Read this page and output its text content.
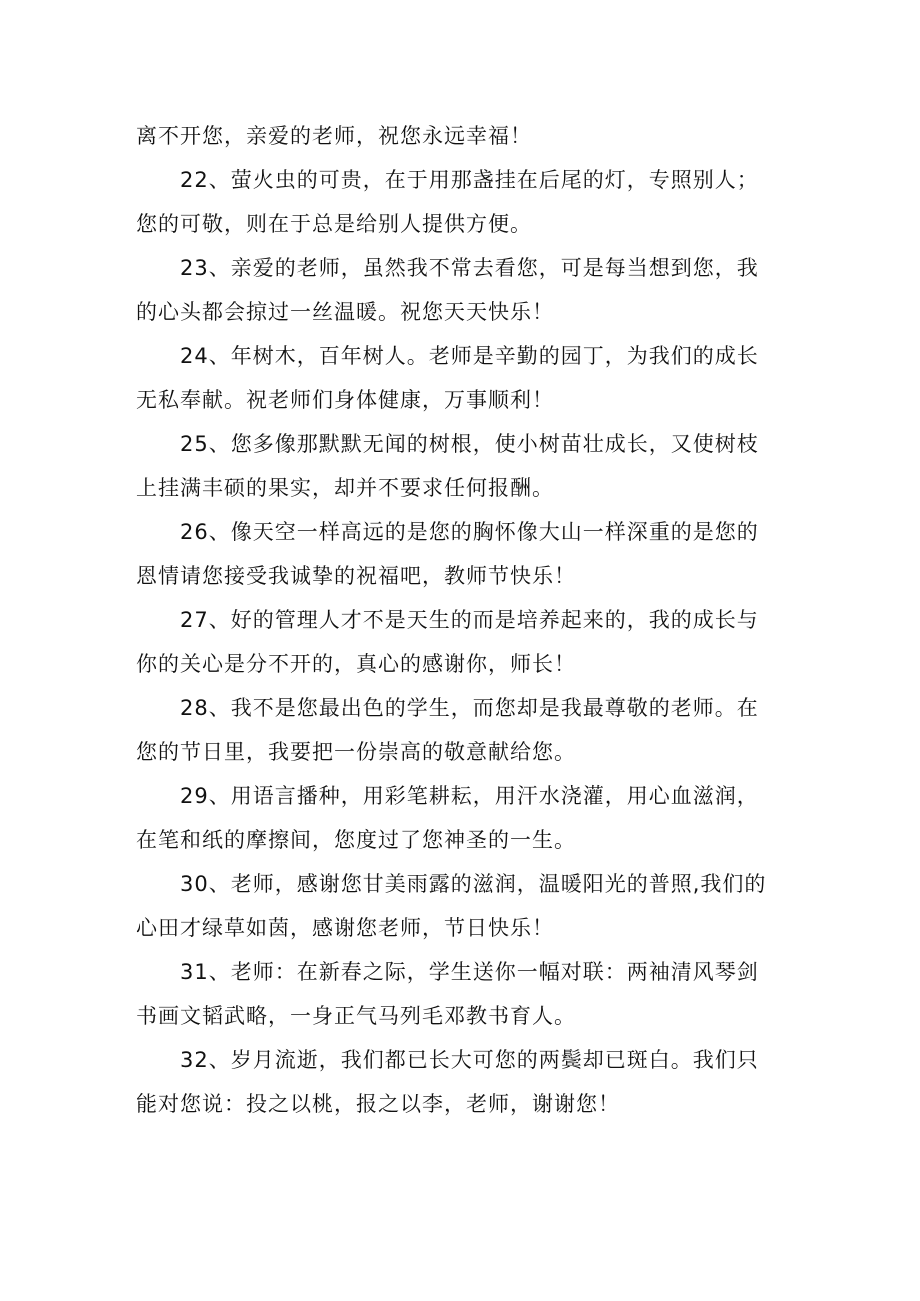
离不开您，亲爱的老师，祝您永远幸福！

22、萤火虫的可贵，在于用那盏挂在后尾的灯，专照别人；
您的可敬，则在于总是给别人提供方便。

23、亲爱的老师，虽然我不常去看您，可是每当想到您，我
的心头都会掠过一丝温暖。祝您天天快乐！

24、年树木，百年树人。老师是辛勤的园丁，为我们的成长
无私奉献。祝老师们身体健康，万事顺利！

25、您多像那默默无闻的树根，使小树苗壮成长，又使树枝
上挂满丰硕的果实，却并不要求任何报酬。

26、像天空一样高远的是您的胸怀像大山一样深重的是您的
恩情请您接受我诚挚的祝福吧，教师节快乐！

27、好的管理人才不是天生的而是培养起来的，我的成长与
你的关心是分不开的，真心的感谢你，师长！

28、我不是您最出色的学生，而您却是我最尊敬的老师。在
您的节日里，我要把一份崇高的敬意献给您。

29、用语言播种，用彩笔耕耘，用汗水浇灌，用心血滋润，
在笔和纸的摩擦间，您度过了您神圣的一生。

30、老师，感谢您甘美雨露的滋润，温暖阳光的普照,我们的
心田才绿草如茵，感谢您老师，节日快乐！

31、老师：在新春之际，学生送你一幅对联：两袖清风琴剑
书画文韬武略，一身正气马列毛邓教书育人。

32、岁月流逝，我们都已长大可您的两鬓却已斑白。我们只
能对您说：投之以桃，报之以李，老师，谢谢您！
